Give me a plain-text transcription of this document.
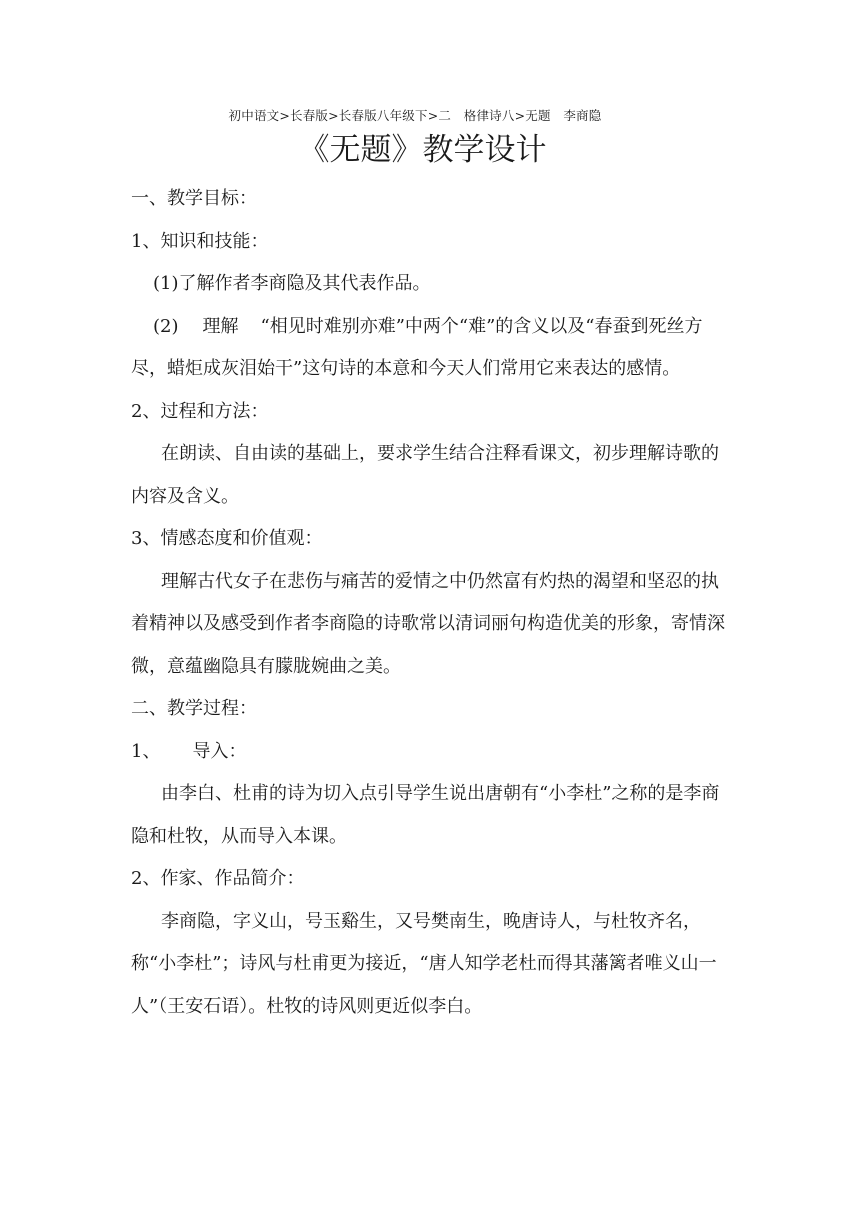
初中语文>长春版>长春版八年级下>二　格律诗八>无题　李商隐
《无题》教学设计

一、教学目标：

1、知识和技能：

(1)了解作者李商隐及其代表作品。

(2) 理解 “相见时难别亦难”中两个“难”的含义以及“春蚕到死丝方尽，蜡炬成灰泪始干”这句诗的本意和今天人们常用它来表达的感情。

2、过程和方法：

在朗读、自由读的基础上，要求学生结合注释看课文，初步理解诗歌的内容及含义。

3、情感态度和价值观：

理解古代女子在悲伤与痛苦的爱情之中仍然富有灼热的渴望和坚忍的执着精神以及感受到作者李商隐的诗歌常以清词丽句构造优美的形象，寄情深微，意蕴幽隐具有朦胧婉曲之美。

二、教学过程：

1、 导入：

由李白、杜甫的诗为切入点引导学生说出唐朝有“小李杜”之称的是李商隐和杜牧，从而导入本课。

2、作家、作品简介：

李商隐，字义山，号玉谿生，又号樊南生，晚唐诗人，与杜牧齐名，称“小李杜”；诗风与杜甫更为接近，“唐人知学老杜而得其藩篱者唯义山一人”（王安石语）。杜牧的诗风则更近似李白。
